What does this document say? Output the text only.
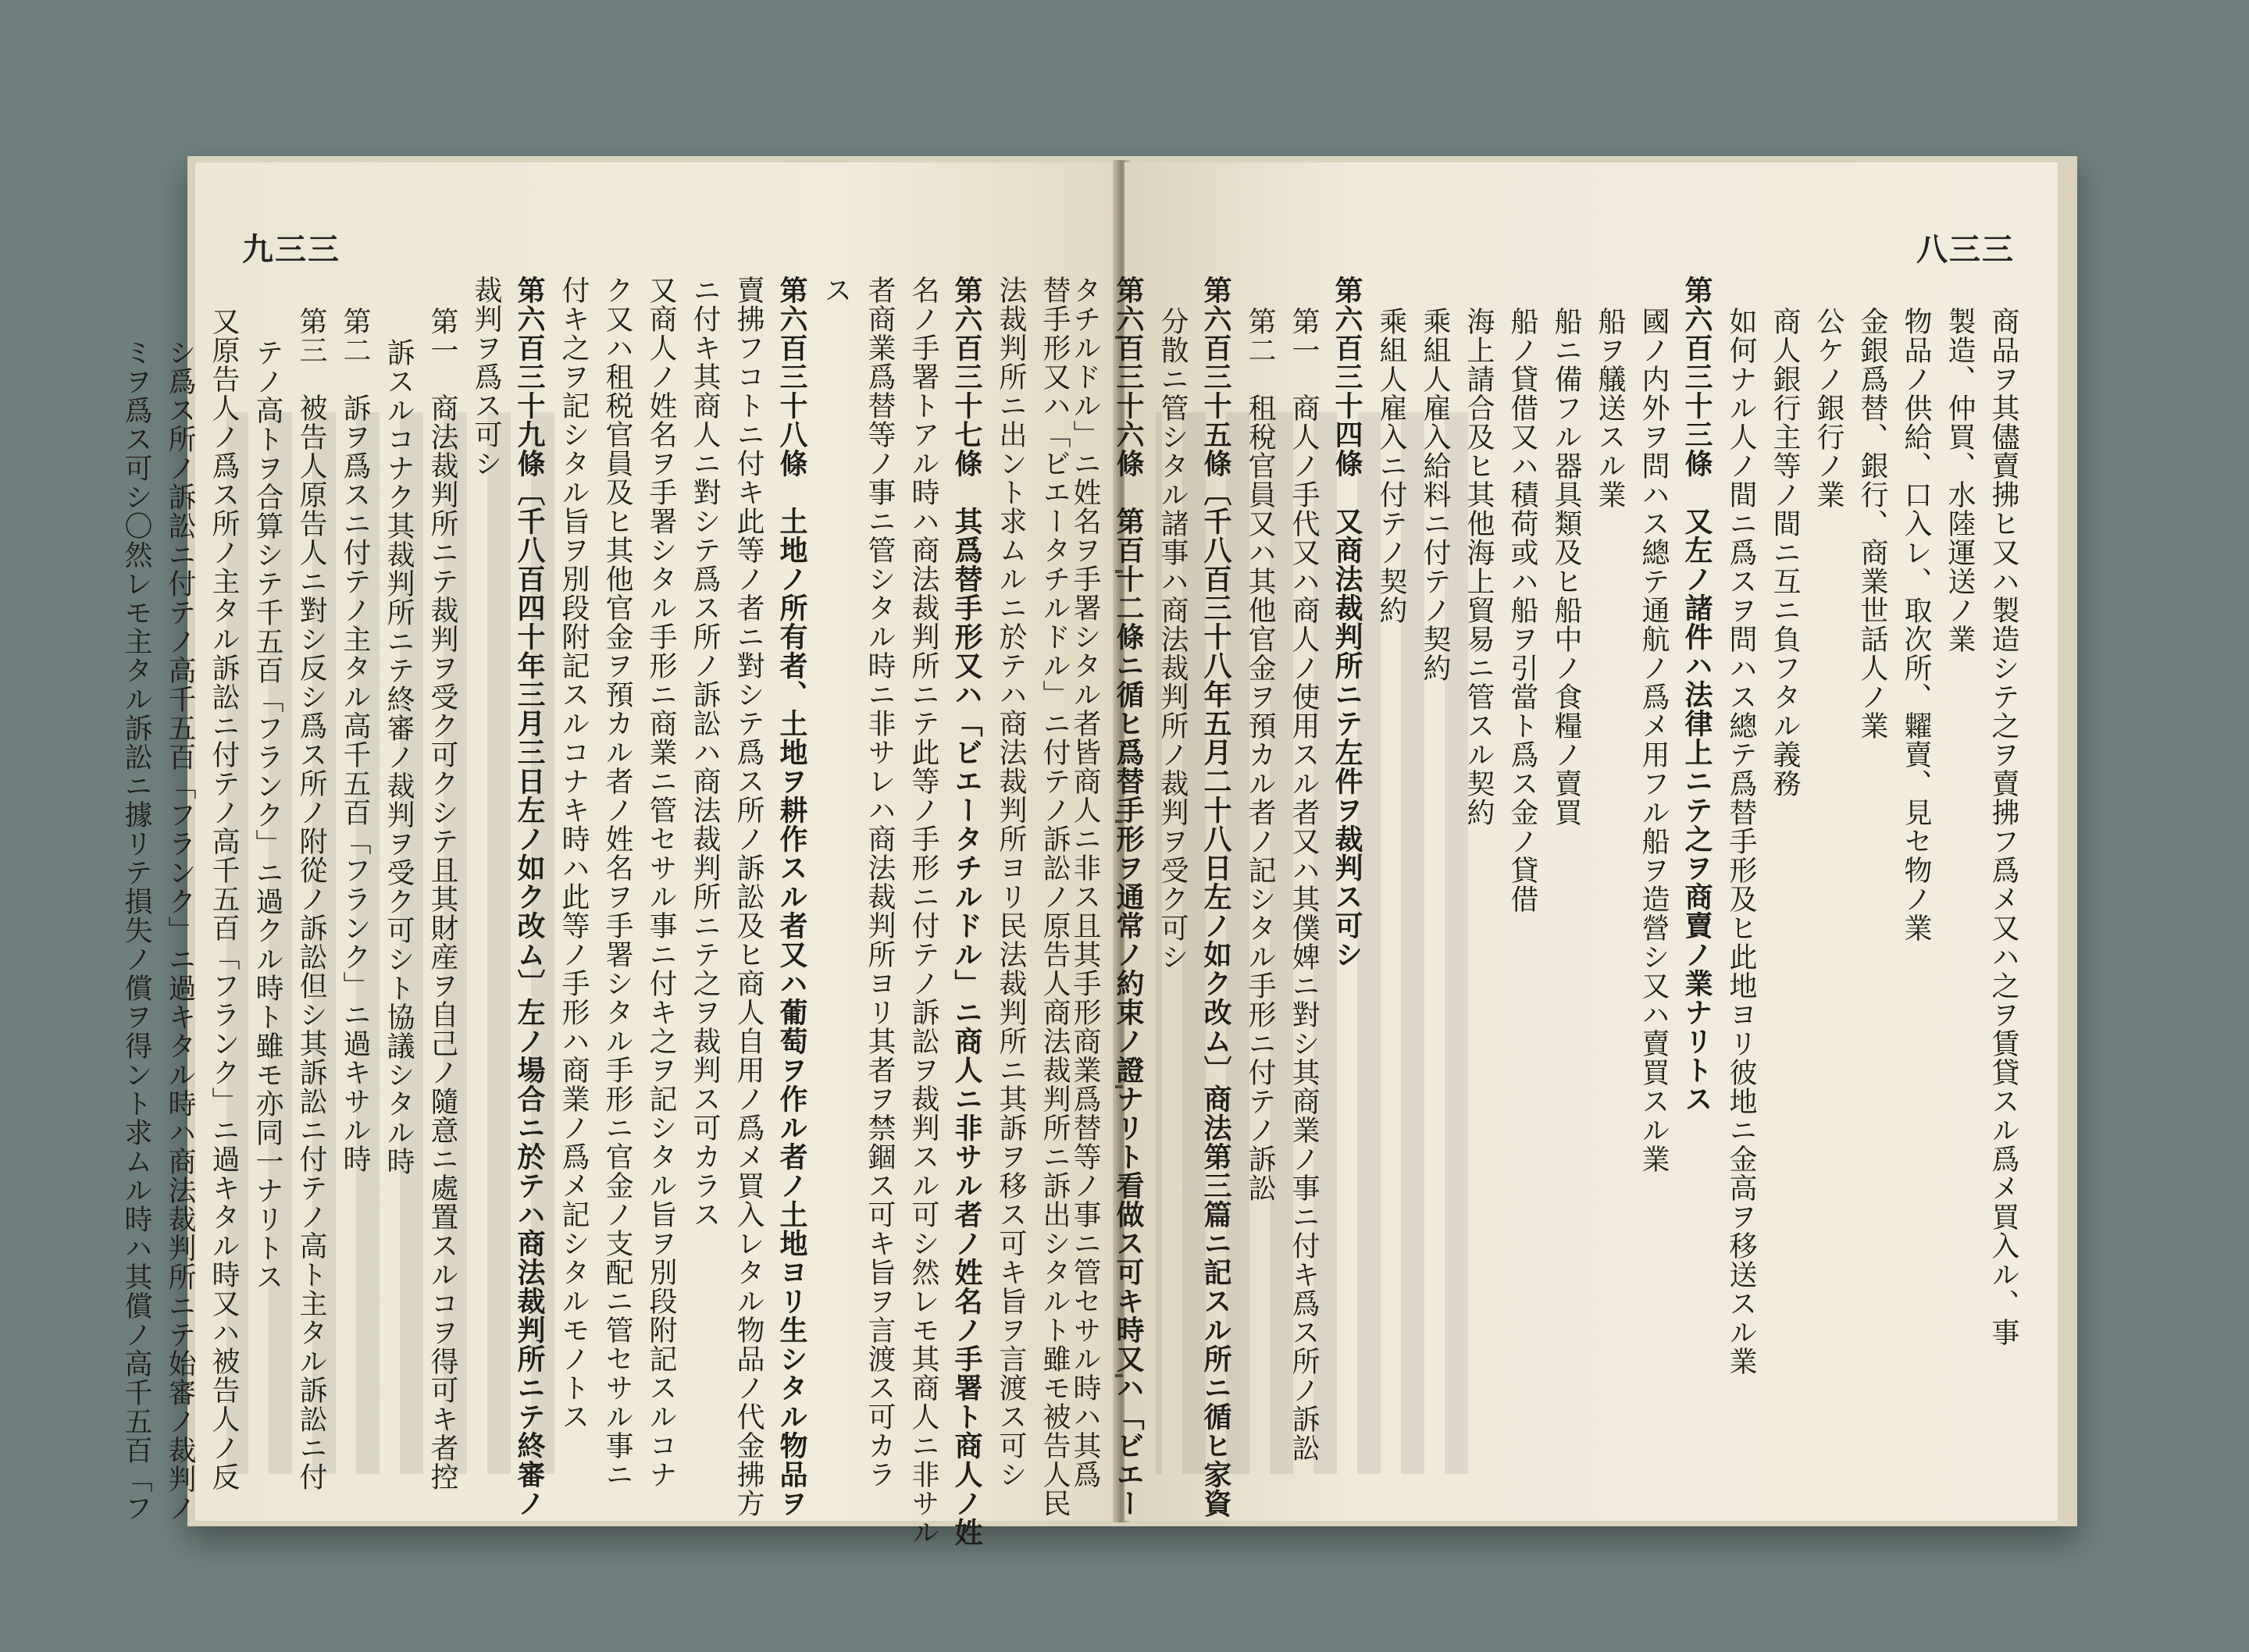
九三三
替手形又ハ「ビエータチルドル」ニ付テノ訴訟ノ原告人商法裁判所ニ訴出シタルト雖モ被告人民
法裁判所ニ出ント求ムルニ於テハ商法裁判所ヨリ民法裁判所ニ其訴ヲ移ス可キ旨ヲ言渡ス可シ
第六百三十七條　其爲替手形又ハ「ビエータチルドル」ニ商人ニ非サル者ノ姓名ノ手署ト商人ノ姓
名ノ手署トアル時ハ商法裁判所ニテ此等ノ手形ニ付テノ訴訟ヲ裁判スル可シ然レモ其商人ニ非サル
者商業爲替等ノ事ニ管シタル時ニ非サレハ商法裁判所ヨリ其者ヲ禁錮ス可キ旨ヲ言渡ス可カラ
ス
第六百三十八條　土地ノ所有者、土地ヲ耕作スル者又ハ葡萄ヲ作ル者ノ土地ヨリ生シタル物品ヲ
賣拂フコトニ付キ此等ノ者ニ對シテ爲ス所ノ訴訟及ヒ商人自用ノ爲メ買入レタル物品ノ代金拂方
ニ付キ其商人ニ對シテ爲ス所ノ訴訟ハ商法裁判所ニテ之ヲ裁判ス可カラス
又商人ノ姓名ヲ手署シタル手形ニ商業ニ管セサル事ニ付キ之ヲ記シタル旨ヲ別段附記スルコナ
ク又ハ租税官員及ヒ其他官金ヲ預カル者ノ姓名ヲ手署シタル手形ニ官金ノ支配ニ管セサル事ニ
付キ之ヲ記シタル旨ヲ別段附記スルコナキ時ハ此等ノ手形ハ商業ノ爲メ記シタルモノトス
第六百三十九條〔千八百四十年三月三日左ノ如ク改ム〕左ノ場合ニ於テハ商法裁判所ニテ終審ノ
裁判ヲ爲ス可シ
第一　商法裁判所ニテ裁判ヲ受ク可クシテ且其財産ヲ自己ノ隨意ニ處置スルコヲ得可キ者控
訴スルコナク其裁判所ニテ終審ノ裁判ヲ受ク可シト協議シタル時
第二　訴ヲ爲スニ付テノ主タル高千五百「フランク」ニ過キサル時
第三　被告人原告人ニ對シ反シ爲ス所ノ附從ノ訴訟但シ其訴訟ニ付テノ高ト主タル訴訟ニ付
テノ高トヲ合算シテ千五百「フランク」ニ過クル時ト雖モ亦同一ナリトス
又原告人ノ爲ス所ノ主タル訴訟ニ付テノ高千五百「フランク」ニ過キタル時又ハ被告人ノ反
シ爲ス所ノ訴訟ニ付テノ高千五百「フランク」ニ過キタル時ハ商法裁判所ニテ始審ノ裁判ノ
ミヲ爲ス可シ〇然レモ主タル訴訟ニ據リテ損失ノ償ヲ得ント求ムル時ハ其償ノ高千五百「フ
八三三
商品ヲ其儘賣拂ヒ又ハ製造シテ之ヲ賣拂フ爲メ又ハ之ヲ賃貸スル爲メ買入ル、事
製造、仲買、水陸運送ノ業
物品ノ供給、口入レ、取次所、糶賣、見セ物ノ業
金銀爲替、銀行、商業世話人ノ業
公ケノ銀行ノ業
商人銀行主等ノ間ニ互ニ負フタル義務
如何ナル人ノ間ニ爲スヲ問ハス總テ爲替手形及ヒ此地ヨリ彼地ニ金高ヲ移送スル業
第六百三十三條　又左ノ諸件ハ法律上ニテ之ヲ商賣ノ業ナリトス
國ノ内外ヲ問ハス總テ通航ノ爲メ用フル船ヲ造營シ又ハ賣買スル業
船ヲ艤送スル業
船ニ備フル器具類及ヒ船中ノ食糧ノ賣買
船ノ貸借又ハ積荷或ハ船ヲ引當ト爲ス金ノ貸借
海上請合及ヒ其他海上貿易ニ管スル契約
乘組人雇入給料ニ付テノ契約
乘組人雇入ニ付テノ契約
第六百三十四條　又商法裁判所ニテ左件ヲ裁判ス可シ
第一　商人ノ手代又ハ商人ノ使用スル者又ハ其僕婢ニ對シ其商業ノ事ニ付キ爲ス所ノ訴訟
第二　租稅官員又ハ其他官金ヲ預カル者ノ記シタル手形ニ付テノ訴訟
第六百三十五條〔千八百三十八年五月二十八日左ノ如ク改ム〕商法第三篇ニ記スル所ニ循ヒ家資
分散ニ管シタル諸事ハ商法裁判所ノ裁判ヲ受ク可シ
第六百三十六條　第百十二條ニ循ヒ爲替手形ヲ通常ノ約束ノ證ナリト看做ス可キ時又ハ「ビエー
タチルドル」ニ姓名ヲ手署シタル者皆商人ニ非ス且其手形商業爲替等ノ事ニ管セサル時ハ其爲
